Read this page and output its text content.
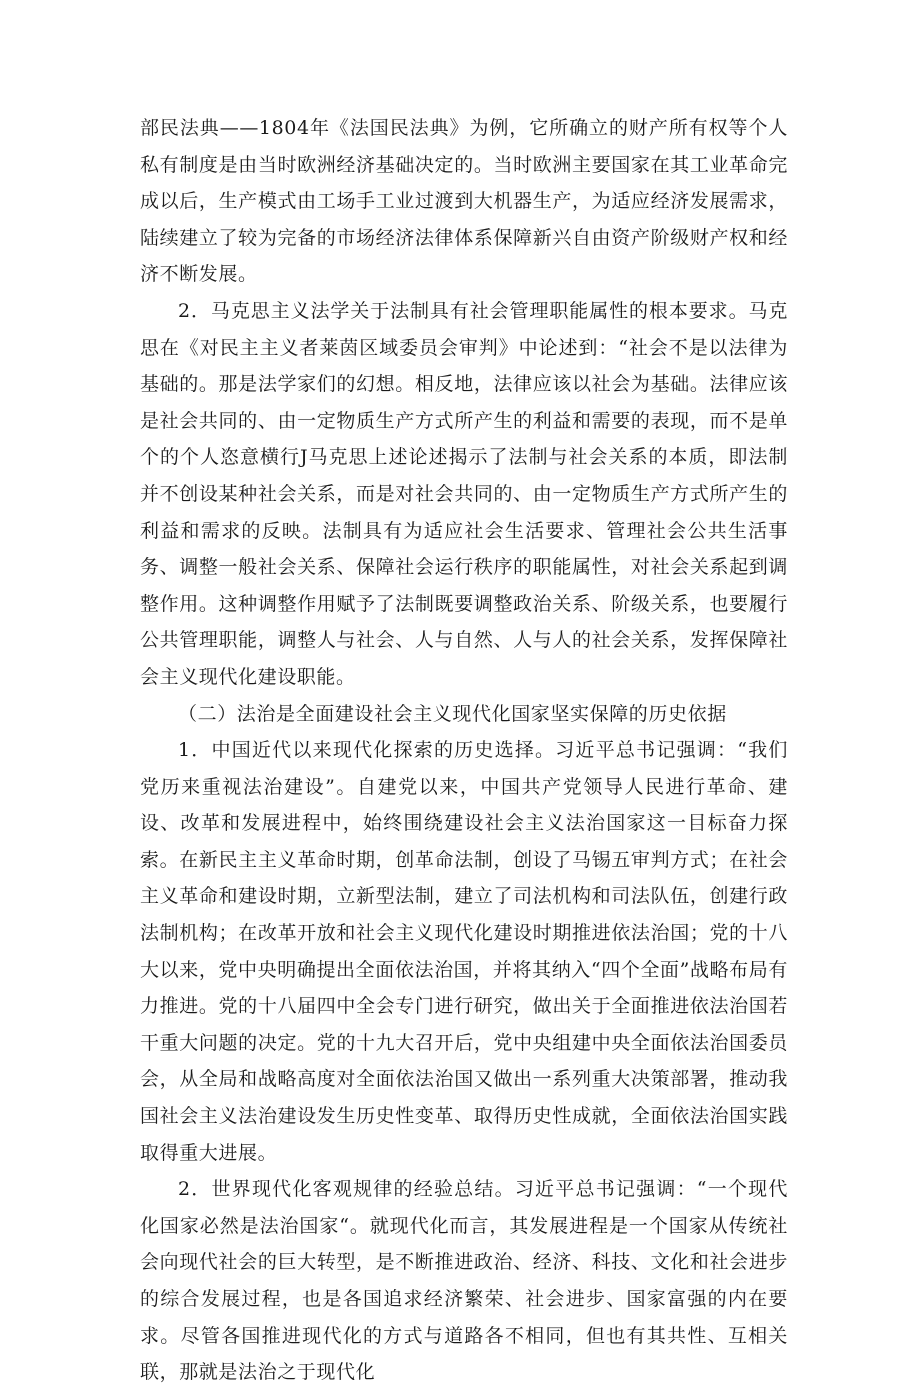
部民法典——1804年《法国民法典》为例，它所确立的财产所有权等个人私有制度是由当时欧洲经济基础决定的。当时欧洲主要国家在其工业革命完成以后，生产模式由工场手工业过渡到大机器生产，为适应经济发展需求，陆续建立了较为完备的市场经济法律体系保障新兴自由资产阶级财产权和经济不断发展。

2．马克思主义法学关于法制具有社会管理职能属性的根本要求。马克思在《对民主主义者莱茵区域委员会审判》中论述到：“社会不是以法律为基础的。那是法学家们的幻想。相反地，法律应该以社会为基础。法律应该是社会共同的、由一定物质生产方式所产生的利益和需要的表现，而不是单个的个人恣意横行J马克思上述论述揭示了法制与社会关系的本质，即法制并不创设某种社会关系，而是对社会共同的、由一定物质生产方式所产生的利益和需求的反映。法制具有为适应社会生活要求、管理社会公共生活事务、调整一般社会关系、保障社会运行秩序的职能属性，对社会关系起到调整作用。这种调整作用赋予了法制既要调整政治关系、阶级关系，也要履行公共管理职能，调整人与社会、人与自然、人与人的社会关系，发挥保障社会主义现代化建设职能。

（二）法治是全面建设社会主义现代化国家坚实保障的历史依据

1．中国近代以来现代化探索的历史选择。习近平总书记强调：“我们党历来重视法治建设”。自建党以来，中国共产党领导人民进行革命、建设、改革和发展进程中，始终围绕建设社会主义法治国家这一目标奋力探索。在新民主主义革命时期，创革命法制，创设了马锡五审判方式；在社会主义革命和建设时期，立新型法制，建立了司法机构和司法队伍，创建行政法制机构；在改革开放和社会主义现代化建设时期推进依法治国；党的十八大以来，党中央明确提出全面依法治国，并将其纳入“四个全面”战略布局有力推进。党的十八届四中全会专门进行研究，做出关于全面推进依法治国若干重大问题的决定。党的十九大召开后，党中央组建中央全面依法治国委员会，从全局和战略高度对全面依法治国又做出一系列重大决策部署，推动我国社会主义法治建设发生历史性变革、取得历史性成就，全面依法治国实践取得重大进展。

2．世界现代化客观规律的经验总结。习近平总书记强调：“一个现代化国家必然是法治国家“。就现代化而言，其发展进程是一个国家从传统社会向现代社会的巨大转型，是不断推进政治、经济、科技、文化和社会进步的综合发展过程，也是各国追求经济繁荣、社会进步、国家富强的内在要求。尽管各国推进现代化的方式与道路各不相同，但也有其共性、互相关联，那就是法治之于现代化
